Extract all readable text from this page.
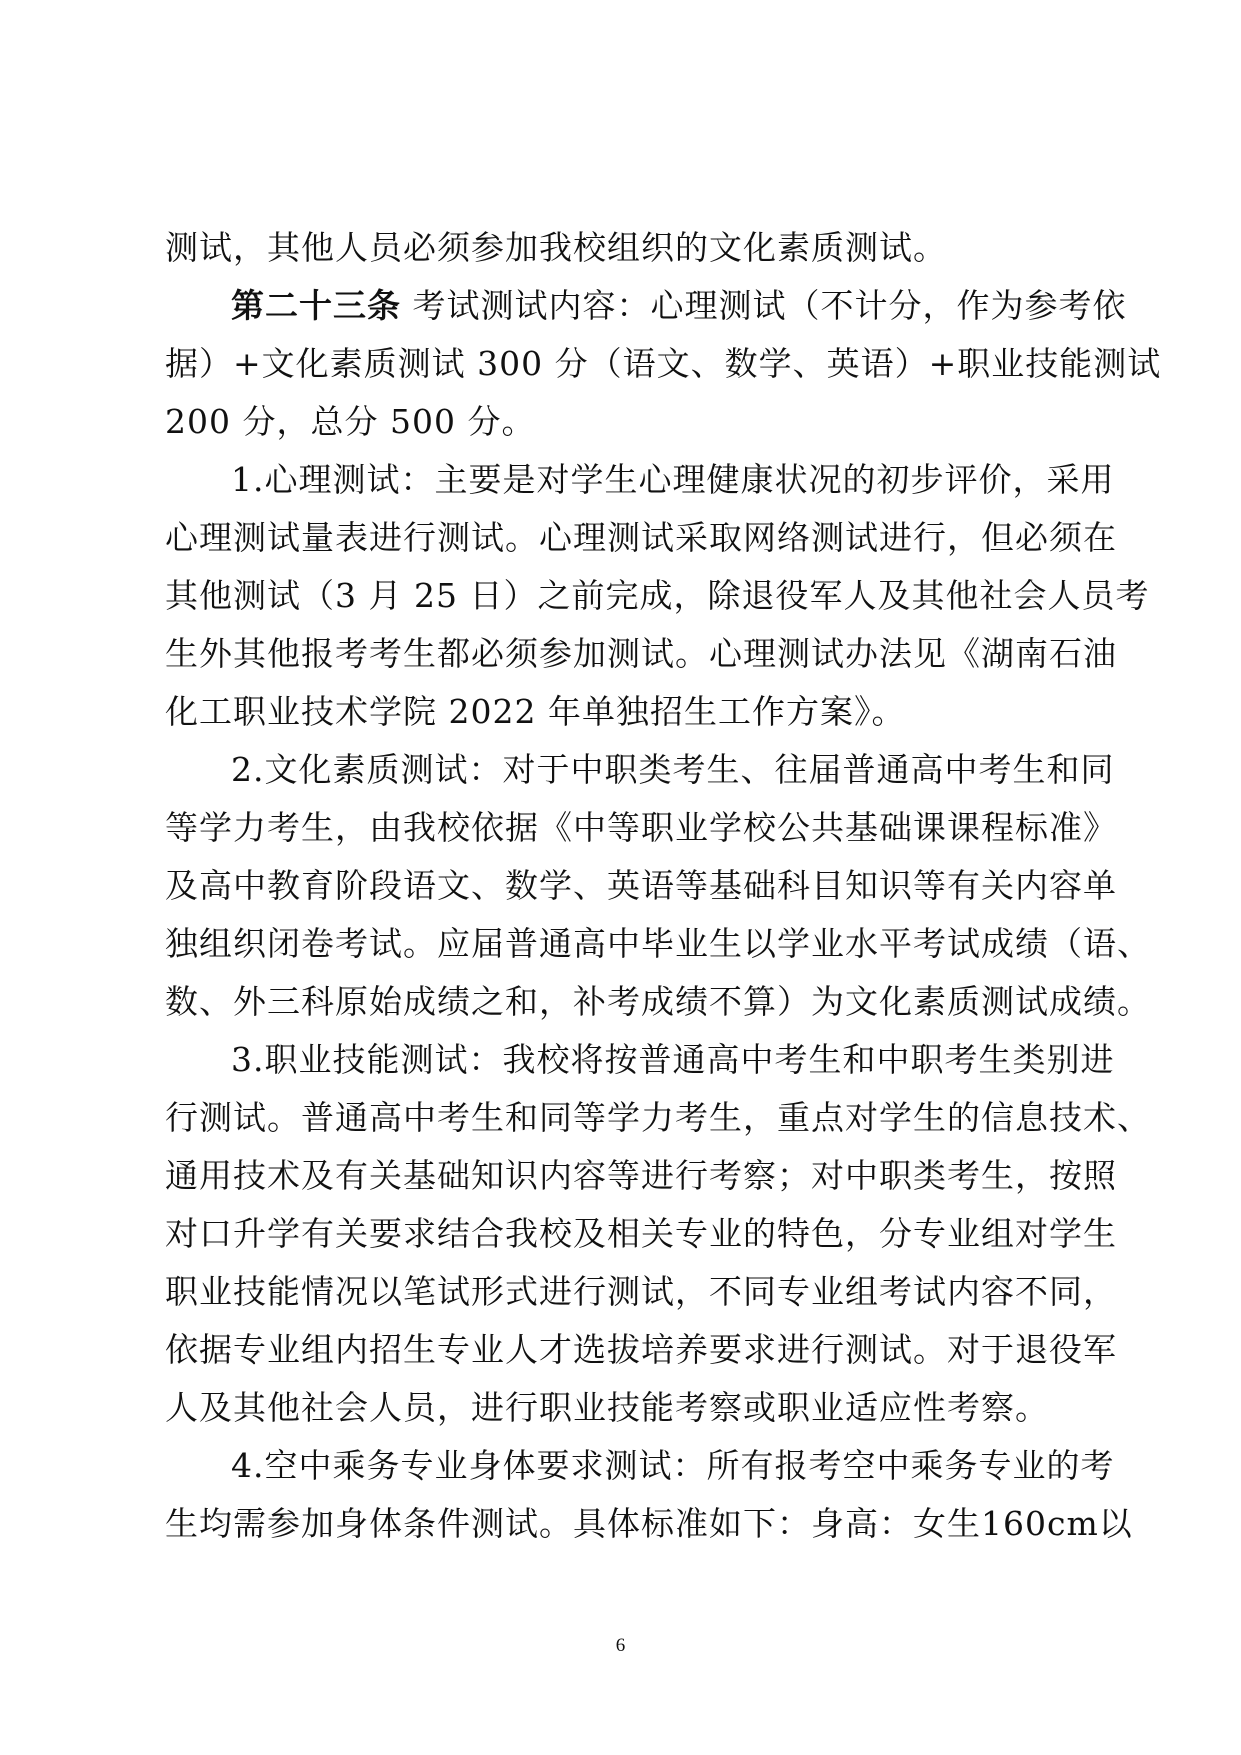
测试，其他人员必须参加我校组织的文化素质测试。
第二十三条 考试测试内容：心理测试（不计分，作为参考依
据）+文化素质测试 300 分（语文、数学、英语）+职业技能测试
200 分，总分 500 分。
1.心理测试：主要是对学生心理健康状况的初步评价，采用
心理测试量表进行测试。心理测试采取网络测试进行，但必须在
其他测试（3 月 25 日）之前完成，除退役军人及其他社会人员考
生外其他报考考生都必须参加测试。心理测试办法见《湖南石油
化工职业技术学院 2022 年单独招生工作方案》。
2.文化素质测试：对于中职类考生、往届普通高中考生和同
等学力考生，由我校依据《中等职业学校公共基础课课程标准》
及高中教育阶段语文、数学、英语等基础科目知识等有关内容单
独组织闭卷考试。应届普通高中毕业生以学业水平考试成绩（语、
数、外三科原始成绩之和，补考成绩不算）为文化素质测试成绩。
3.职业技能测试：我校将按普通高中考生和中职考生类别进
行测试。普通高中考生和同等学力考生，重点对学生的信息技术、
通用技术及有关基础知识内容等进行考察；对中职类考生，按照
对口升学有关要求结合我校及相关专业的特色，分专业组对学生
职业技能情况以笔试形式进行测试，不同专业组考试内容不同，
依据专业组内招生专业人才选拔培养要求进行测试。对于退役军
人及其他社会人员，进行职业技能考察或职业适应性考察。
4.空中乘务专业身体要求测试：所有报考空中乘务专业的考
生均需参加身体条件测试。具体标准如下：身高：女生160cm以
6
